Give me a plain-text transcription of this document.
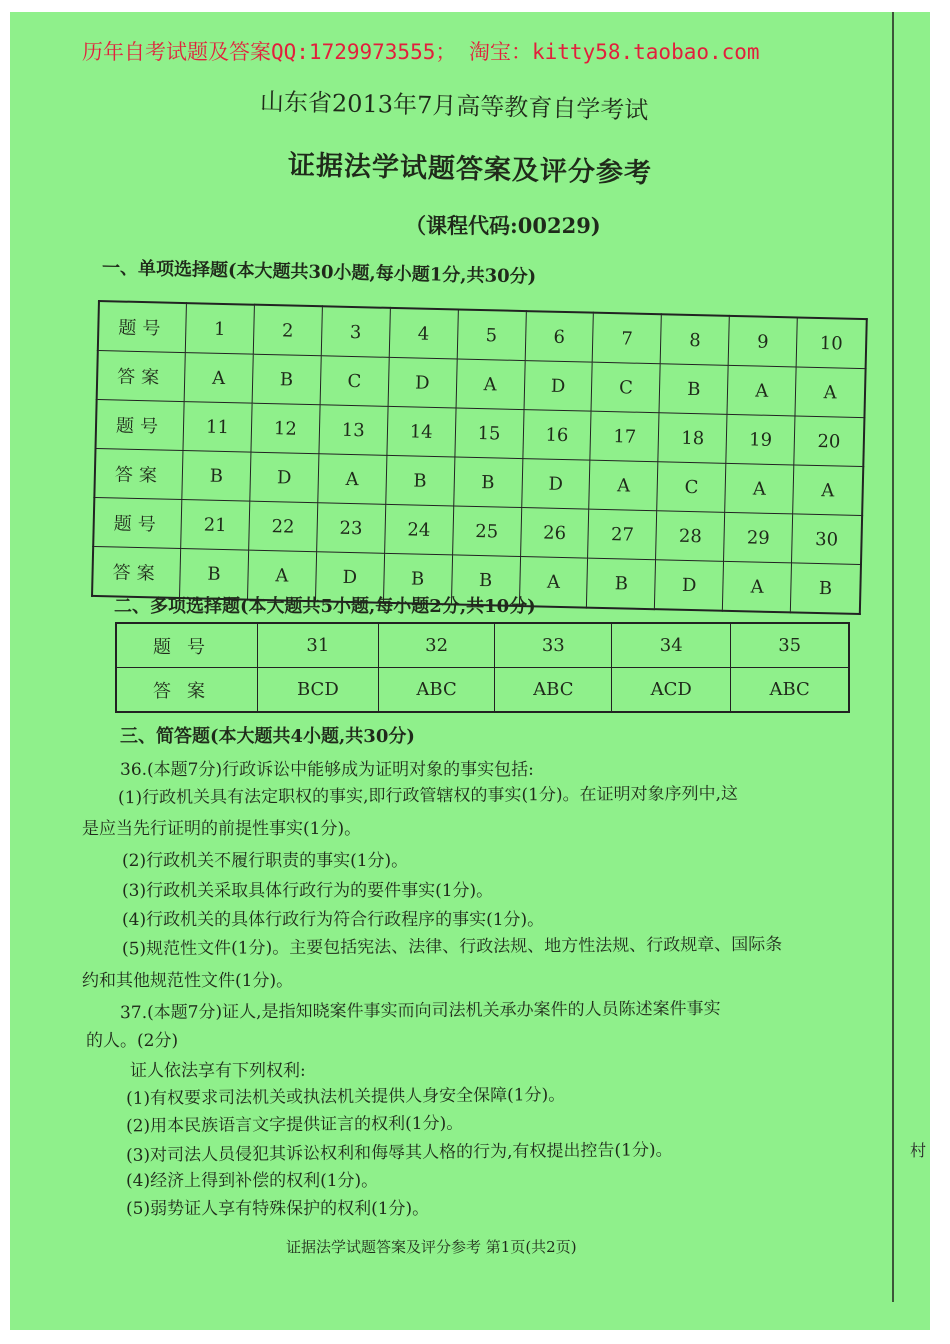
历年自考试题及答案QQ:1729973555； 淘宝：kitty58.taobao.com
山东省2013年7月高等教育自学考试
证据法学试题答案及评分参考
（课程代码:00229)
一、单项选择题(本大题共30小题,每小题1分,共30分)
题号	1	2	3	4	5	6	7	8	9	10
答案	A	B	C	D	A	D	C	B	A	A
题号	11	12	13	14	15	16	17	18	19	20
答案	B	D	A	B	B	D	A	C	A	A
题号	21	22	23	24	25	26	27	28	29	30
答案	B	A	D	B	B	A	B	D	A	B
二、多项选择题(本大题共5小题,每小题2分,共10分)
题号	31	32	33	34	35
答案	BCD	ABC	ABC	ACD	ABC
三、简答题(本大题共4小题,共30分)
36.(本题7分)行政诉讼中能够成为证明对象的事实包括:
(1)行政机关具有法定职权的事实,即行政管辖权的事实(1分)。在证明对象序列中,这
是应当先行证明的前提性事实(1分)。
(2)行政机关不履行职责的事实(1分)。
(3)行政机关采取具体行政行为的要件事实(1分)。
(4)行政机关的具体行政行为符合行政程序的事实(1分)。
(5)规范性文件(1分)。主要包括宪法、法律、行政法规、地方性法规、行政规章、国际条
约和其他规范性文件(1分)。
37.(本题7分)证人,是指知晓案件事实而向司法机关承办案件的人员陈述案件事实
的人。(2分)
证人依法享有下列权利:
(1)有权要求司法机关或执法机关提供人身安全保障(1分)。
(2)用本民族语言文字提供证言的权利(1分)。
(3)对司法人员侵犯其诉讼权利和侮辱其人格的行为,有权提出控告(1分)。
(4)经济上得到补偿的权利(1分)。
(5)弱势证人享有特殊保护的权利(1分)。
村
证据法学试题答案及评分参考 第1页(共2页)
